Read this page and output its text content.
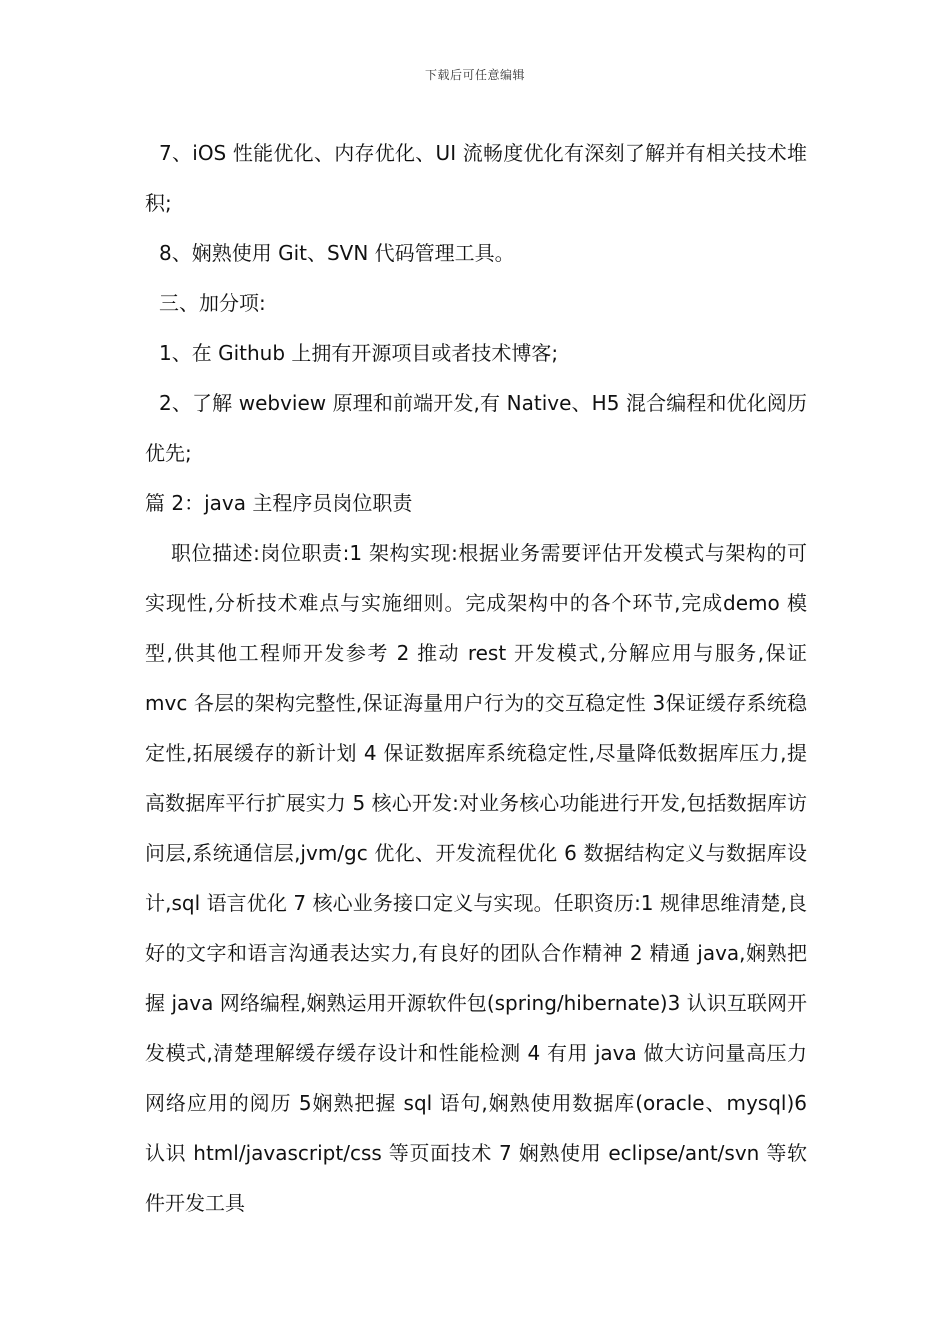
下载后可任意编辑

7、iOS 性能优化、内存优化、UI 流畅度优化有深刻了解并有相关技术堆积;

8、娴熟使用 Git、SVN 代码管理工具。

三、加分项:

1、在 Github 上拥有开源项目或者技术博客;

2、了解 webview 原理和前端开发,有 Native、H5 混合编程和优化阅历优先;

篇 2：java 主程序员岗位职责

职位描述:岗位职责:1 架构实现:根据业务需要评估开发模式与架构的可实现性,分析技术难点与实施细则。完成架构中的各个环节,完成demo 模型,供其他工程师开发参考 2 推动 rest 开发模式,分解应用与服务,保证 mvc 各层的架构完整性,保证海量用户行为的交互稳定性 3保证缓存系统稳定性,拓展缓存的新计划 4 保证数据库系统稳定性,尽量降低数据库压力,提高数据库平行扩展实力 5 核心开发:对业务核心功能进行开发,包括数据库访问层,系统通信层,jvm/gc 优化、开发流程优化 6 数据结构定义与数据库设计,sql 语言优化 7 核心业务接口定义与实现。任职资历:1 规律思维清楚,良好的文字和语言沟通表达实力,有良好的团队合作精神 2 精通 java,娴熟把握 java 网络编程,娴熟运用开源软件包(spring/hibernate)3 认识互联网开发模式,清楚理解缓存缓存设计和性能检测 4 有用 java 做大访问量高压力网络应用的阅历 5娴熟把握 sql 语句,娴熟使用数据库(oracle、mysql)6 认识 html/javascript/css 等页面技术 7 娴熟使用 eclipse/ant/svn 等软件开发工具
